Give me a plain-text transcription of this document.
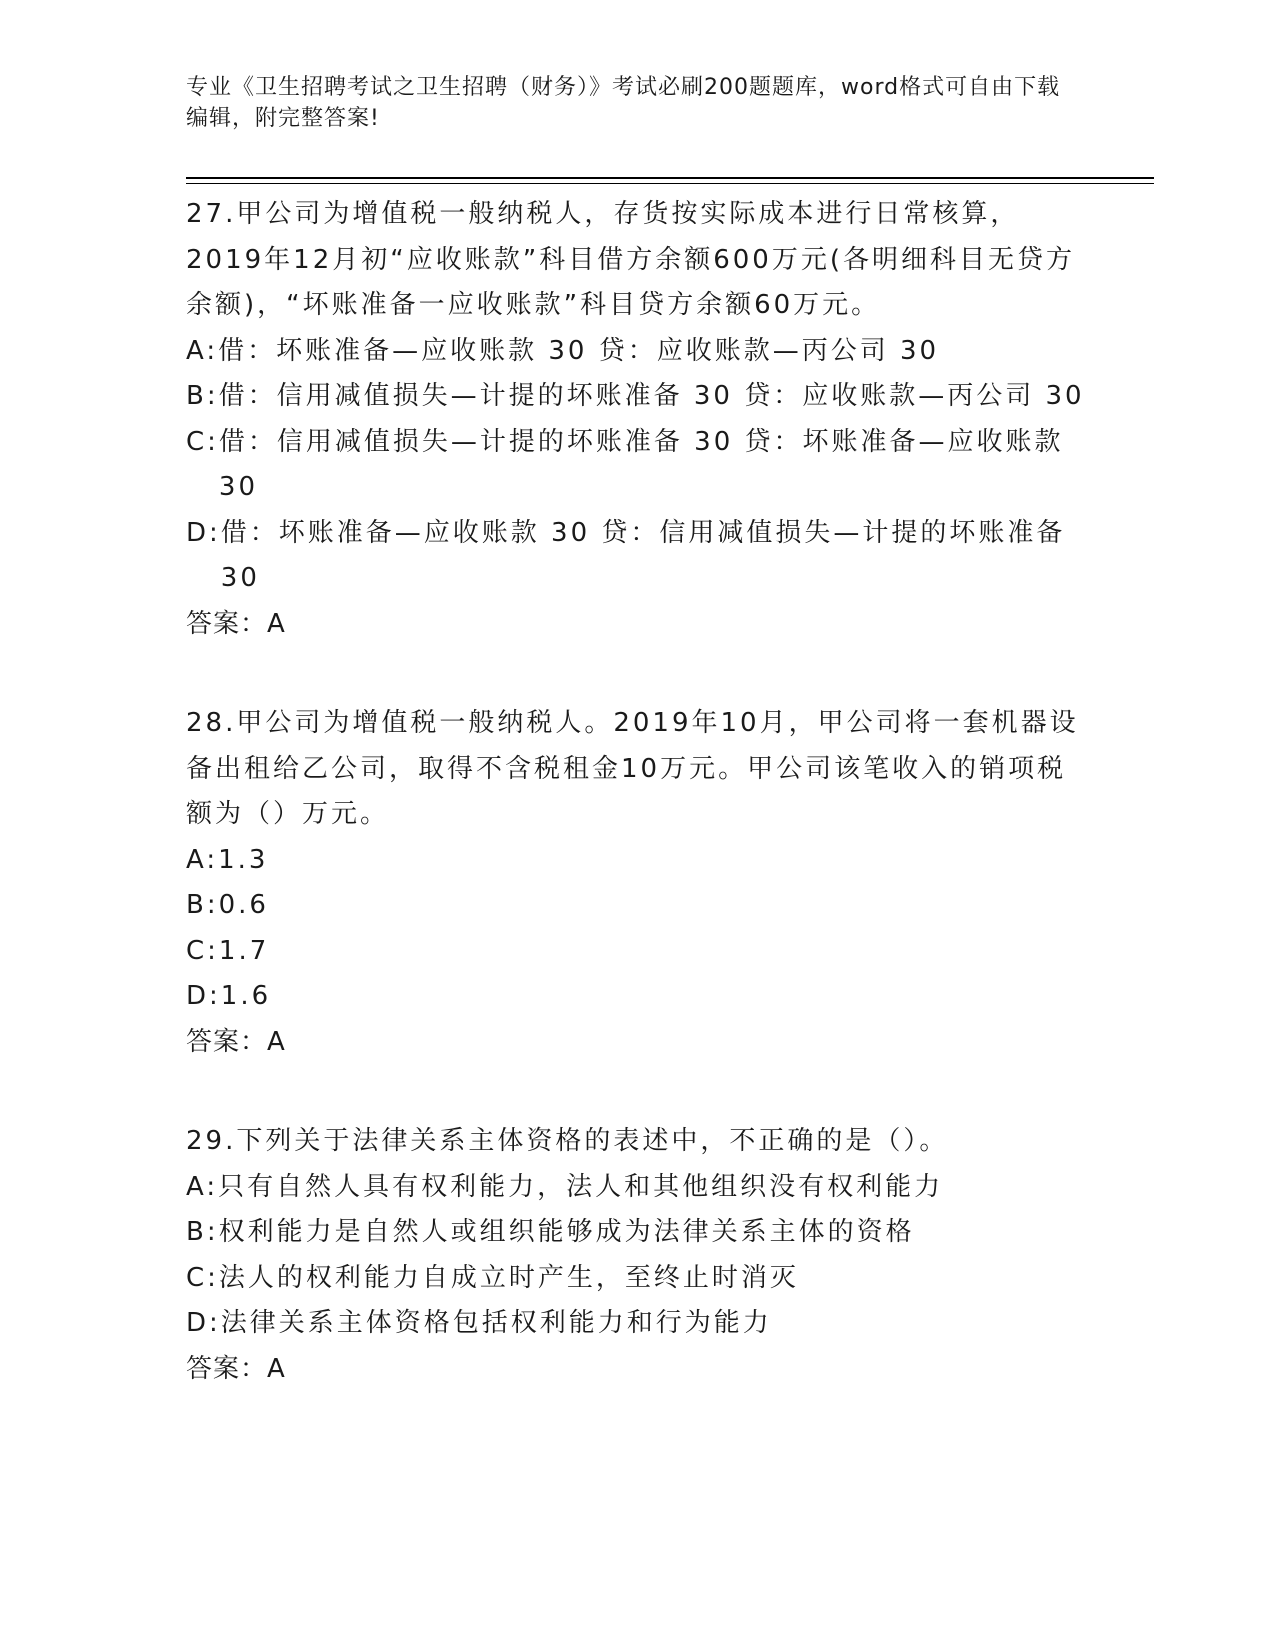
专业《卫生招聘考试之卫生招聘（财务）》考试必刷200题题库，word格式可自由下载编辑，附完整答案!
27.甲公司为增值税一般纳税人，存货按实际成本进行日常核算，2019年12月初“应收账款”科目借方余额600万元(各明细科目无贷方余额)，“坏账准备一应收账款”科目贷方余额60万元。
A: 借：坏账准备—应收账款 30 贷：应收账款—丙公司 30
B: 借：信用减值损失—计提的坏账准备 30 贷：应收账款—丙公司 30
C: 借：信用减值损失—计提的坏账准备 30 贷：坏账准备—应收账款 30
D: 借：坏账准备—应收账款 30 贷：信用减值损失—计提的坏账准备 30
答案：A
28.甲公司为增值税一般纳税人。2019年10月，甲公司将一套机器设备出租给乙公司，取得不含税租金10万元。甲公司该笔收入的销项税额为（）万元。
A: 1.3
B: 0.6
C: 1.7
D: 1.6
答案：A
29.下列关于法律关系主体资格的表述中，不正确的是（）。
A: 只有自然人具有权利能力，法人和其他组织没有权利能力
B: 权利能力是自然人或组织能够成为法律关系主体的资格
C: 法人的权利能力自成立时产生，至终止时消灭
D: 法律关系主体资格包括权利能力和行为能力
答案：A
